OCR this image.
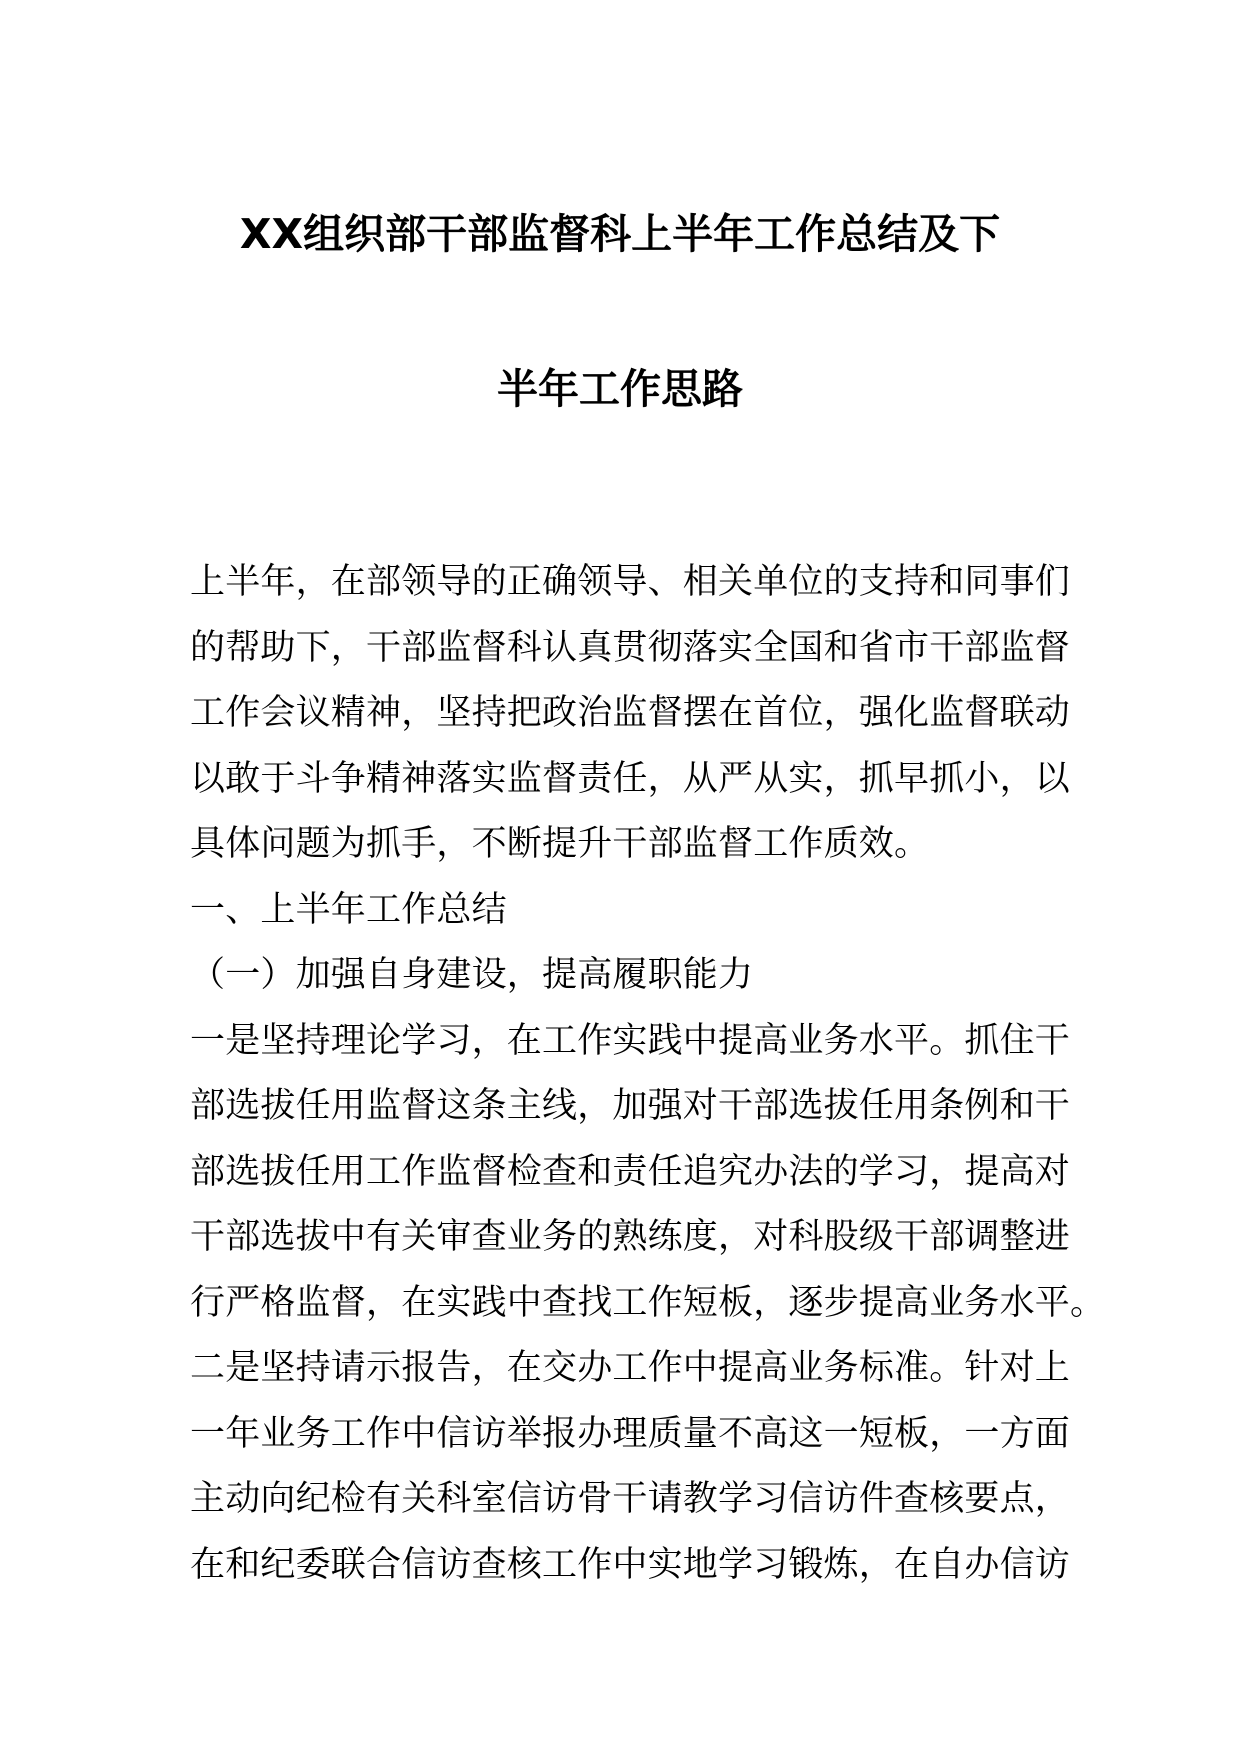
XX组织部干部监督科上半年工作总结及下
半年工作思路
上半年，在部领导的正确领导、相关单位的支持和同事们
的帮助下，干部监督科认真贯彻落实全国和省市干部监督
工作会议精神，坚持把政治监督摆在首位，强化监督联动
以敢于斗争精神落实监督责任，从严从实，抓早抓小，以
具体问题为抓手，不断提升干部监督工作质效。
一、上半年工作总结
（一）加强自身建设，提高履职能力
一是坚持理论学习，在工作实践中提高业务水平。抓住干
部选拔任用监督这条主线，加强对干部选拔任用条例和干
部选拔任用工作监督检查和责任追究办法的学习，提高对
干部选拔中有关审查业务的熟练度，对科股级干部调整进
行严格监督，在实践中查找工作短板，逐步提高业务水平。
二是坚持请示报告，在交办工作中提高业务标准。针对上
一年业务工作中信访举报办理质量不高这一短板，一方面
主动向纪检有关科室信访骨干请教学习信访件查核要点，
在和纪委联合信访查核工作中实地学习锻炼，在自办信访
